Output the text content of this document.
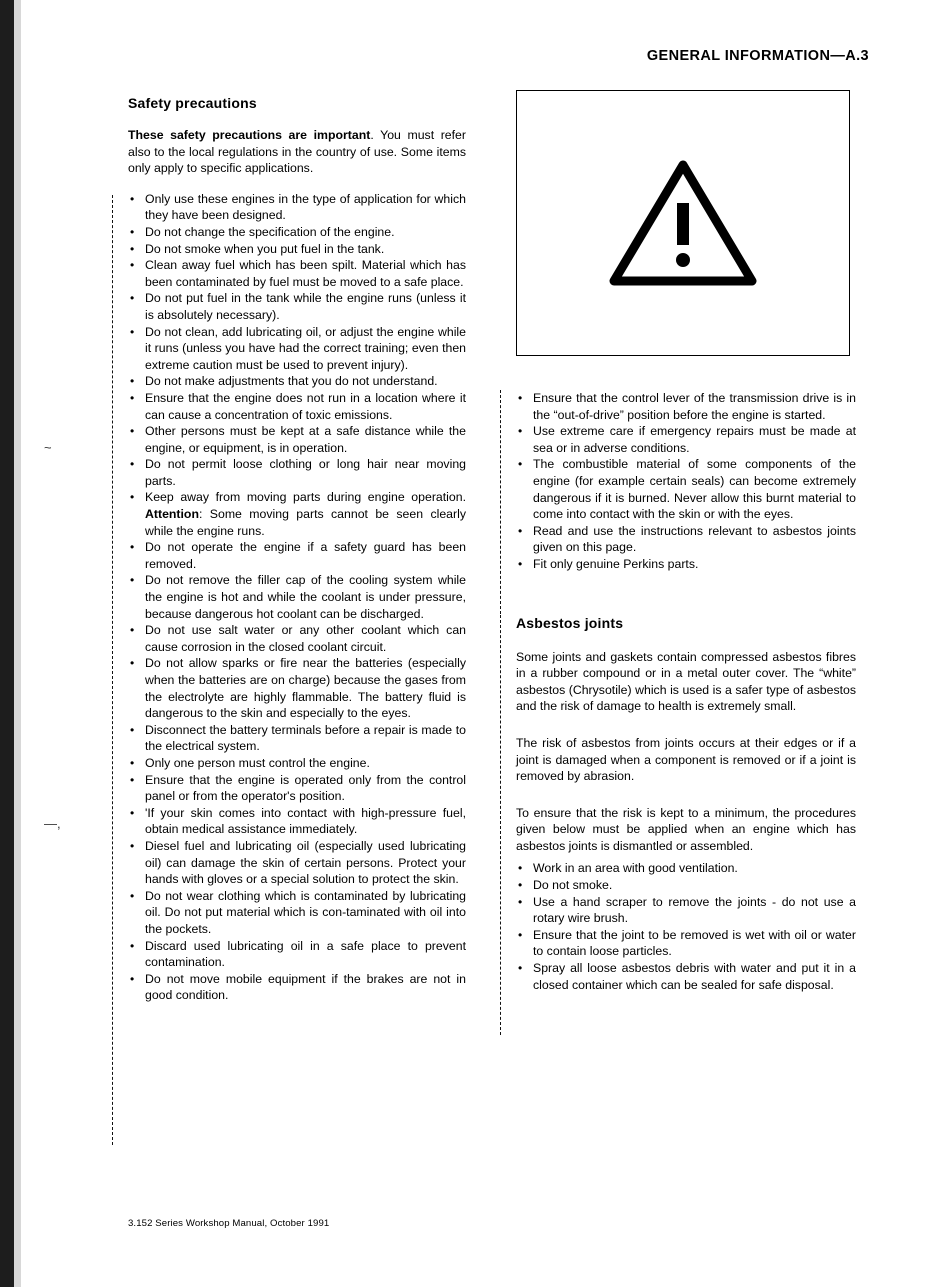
GENERAL INFORMATION—A.3
Safety precautions

These safety precautions are important. You must refer also to the local regulations in the country of use. Some items only apply to specific applications.

• Only use these engines in the type of application for which they have been designed.
• Do not change the specification of the engine.
• Do not smoke when you put fuel in the tank.
• Clean away fuel which has been spilt. Material which has been contaminated by fuel must be moved to a safe place.
• Do not put fuel in the tank while the engine runs (unless it is absolutely necessary).
• Do not clean, add lubricating oil, or adjust the engine while it runs (unless you have had the correct training; even then extreme caution must be used to prevent injury).
• Do not make adjustments that you do not understand.
• Ensure that the engine does not run in a location where it can cause a concentration of toxic emissions.
• Other persons must be kept at a safe distance while the engine, or equipment, is in operation.
• Do not permit loose clothing or long hair near moving parts.
• Keep away from moving parts during engine operation. Attention: Some moving parts cannot be seen clearly while the engine runs.
• Do not operate the engine if a safety guard has been removed.
• Do not remove the filler cap of the cooling system while the engine is hot and while the coolant is under pressure, because dangerous hot coolant can be discharged.
• Do not use salt water or any other coolant which can cause corrosion in the closed coolant circuit.
• Do not allow sparks or fire near the batteries (especially when the batteries are on charge) because the gases from the electrolyte are highly flammable. The battery fluid is dangerous to the skin and especially to the eyes.
• Disconnect the battery terminals before a repair is made to the electrical system.
• Only one person must control the engine.
• Ensure that the engine is operated only from the control panel or from the operator's position.
• 'If your skin comes into contact with high-pressure fuel, obtain medical assistance immediately.
• Diesel fuel and lubricating oil (especially used lubricating oil) can damage the skin of certain persons. Protect your hands with gloves or a special solution to protect the skin.
• Do not wear clothing which is contaminated by lubricating oil. Do not put material which is con-taminated with oil into the pockets.
• Discard used lubricating oil in a safe place to prevent contamination.
• Do not move mobile equipment if the brakes are not in good condition.
• Ensure that the control lever of the transmission drive is in the “out-of-drive” position before the engine is started.
• Use extreme care if emergency repairs must be made at sea or in adverse conditions.
• The combustible material of some components of the engine (for example certain seals) can become extremely dangerous if it is burned. Never allow this burnt material to come into contact with the skin or with the eyes.
• Read and use the instructions relevant to asbestos joints given on this page.
• Fit only genuine Perkins parts.
Asbestos joints

Some joints and gaskets contain compressed asbestos fibres in a rubber compound or in a metal outer cover. The “white” asbestos (Chrysotile) which is used is a safer type of asbestos and the risk of damage to health is extremely small.

The risk of asbestos from joints occurs at their edges or if a joint is damaged when a component is removed or if a joint is removed by abrasion.

To ensure that the risk is kept to a minimum, the procedures given below must be applied when an engine which has asbestos joints is dismantled or assembled.

• Work in an area with good ventilation.
• Do not smoke.
• Use a hand scraper to remove the joints - do not use a rotary wire brush.
• Ensure that the joint to be removed is wet with oil or water to contain loose particles.
• Spray all loose asbestos debris with water and put it in a closed container which can be sealed for safe disposal.
~
—,
3.152 Series Workshop Manual, October 1991
